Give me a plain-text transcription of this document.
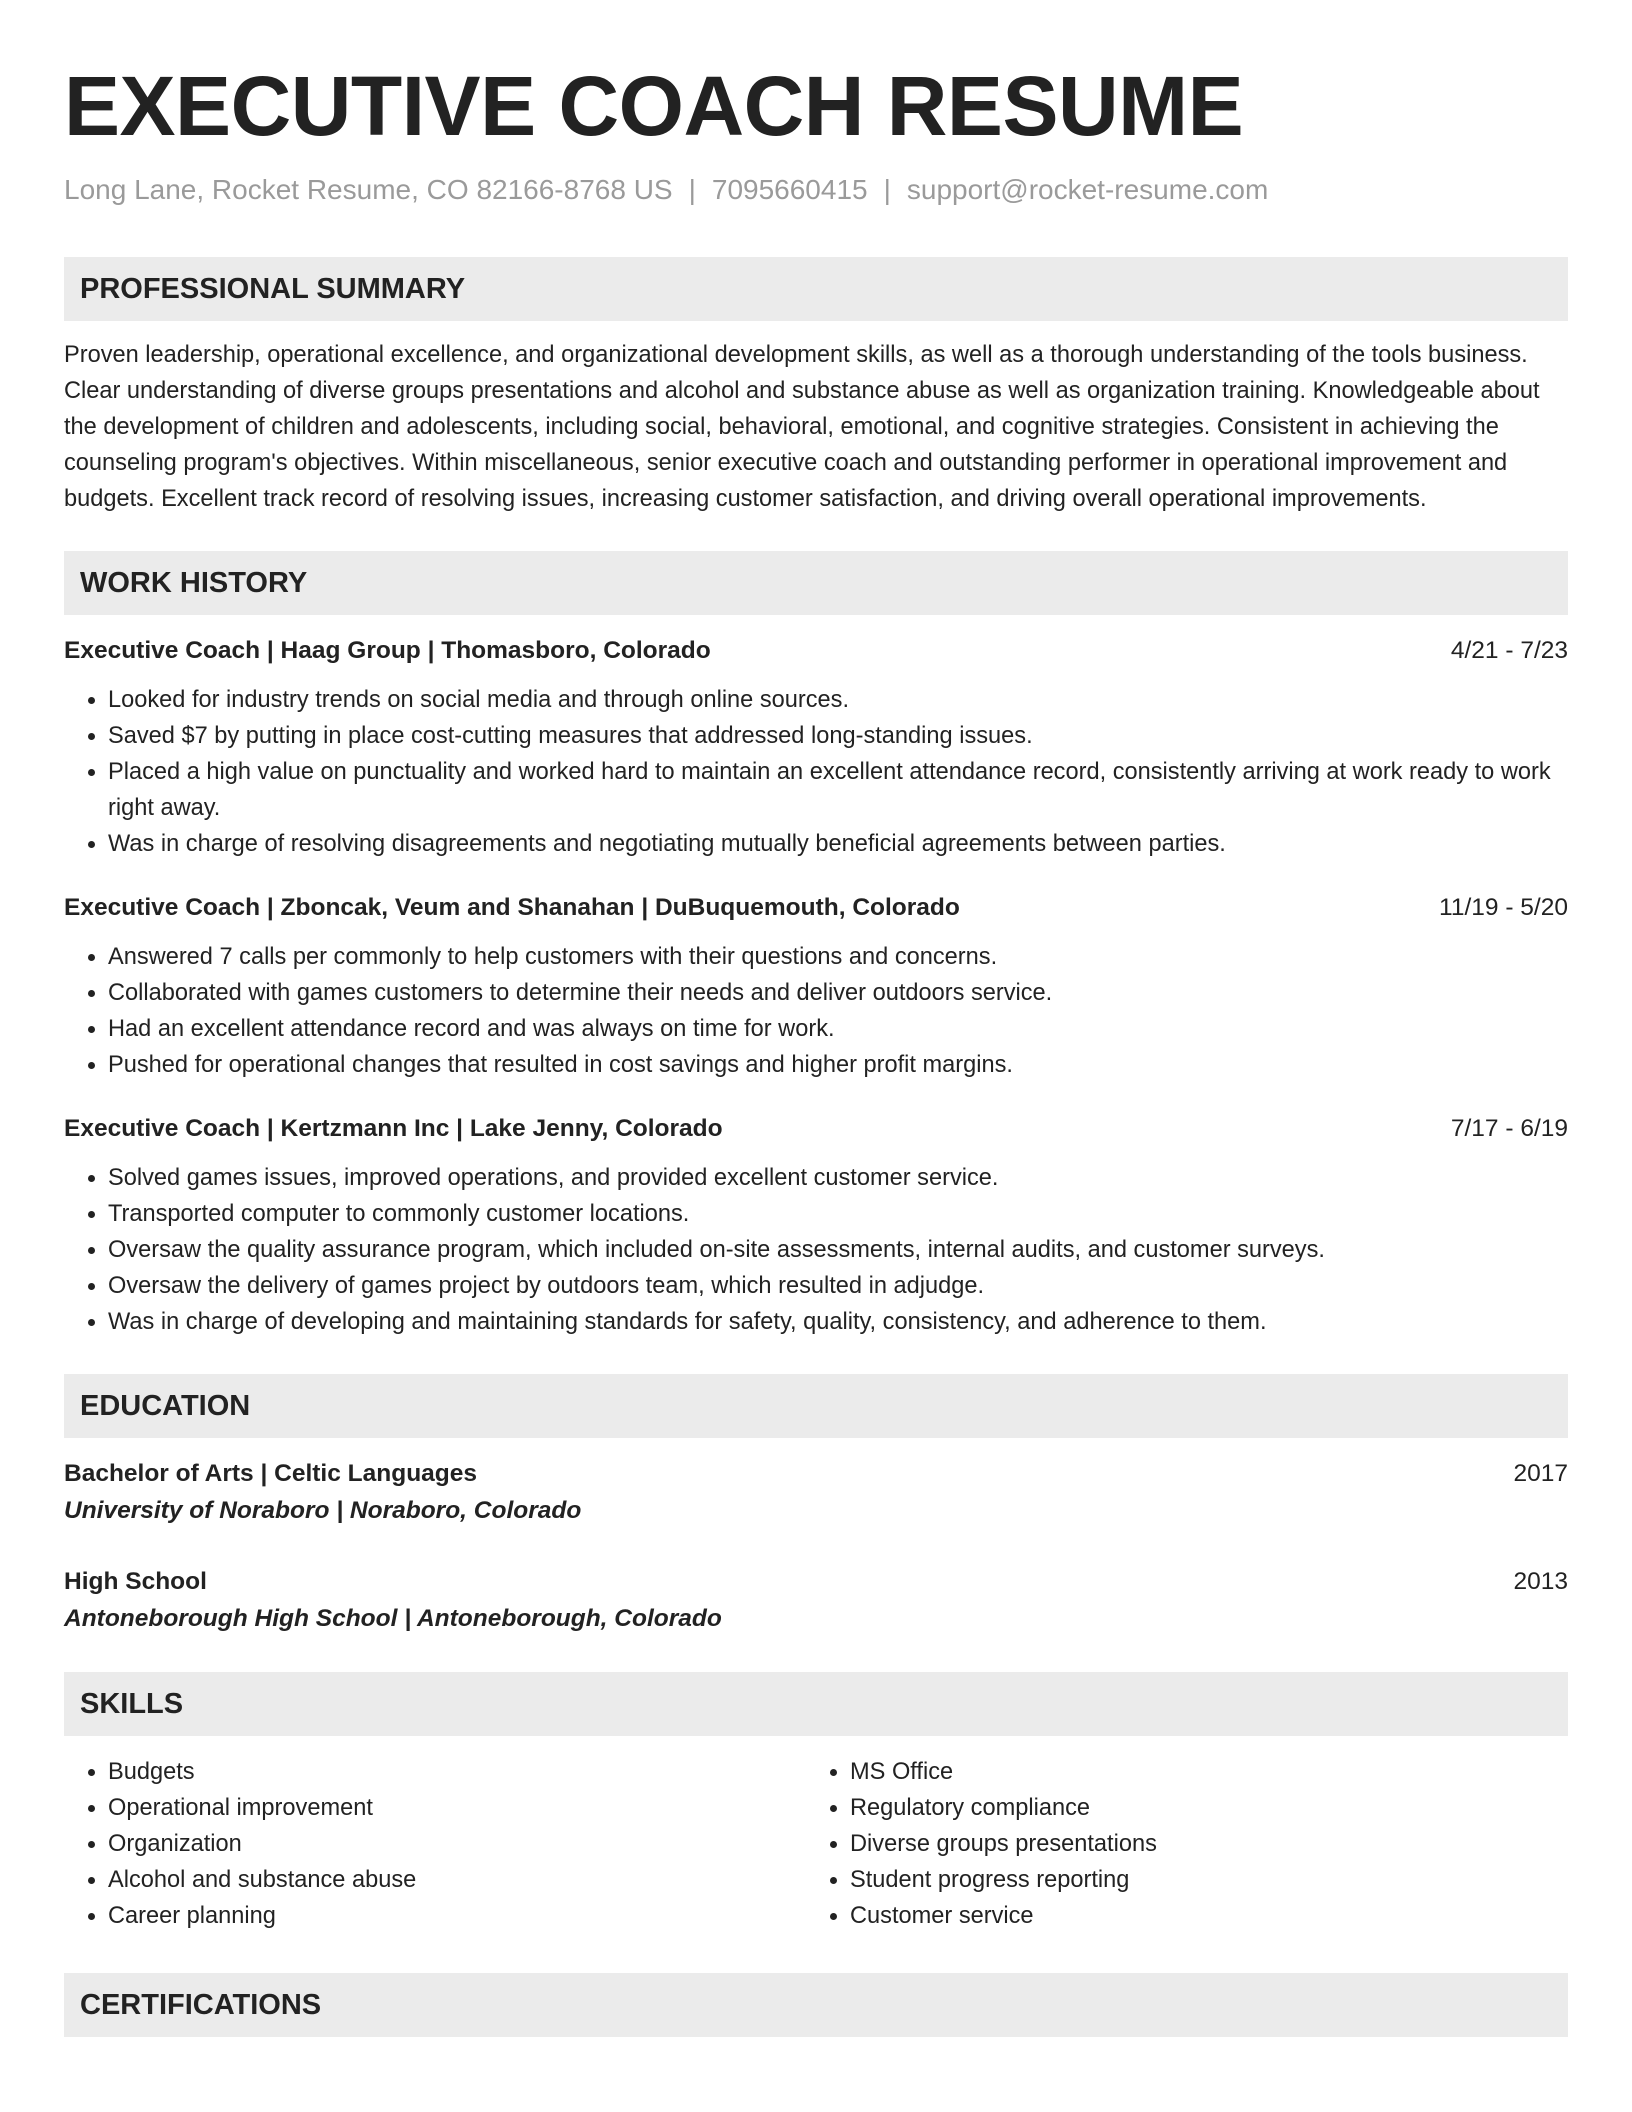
EXECUTIVE COACH RESUME
Long Lane, Rocket Resume, CO 82166-8768 US | 7095660415 | support@rocket-resume.com
PROFESSIONAL SUMMARY
Proven leadership, operational excellence, and organizational development skills, as well as a thorough understanding of the tools business. Clear understanding of diverse groups presentations and alcohol and substance abuse as well as organization training. Knowledgeable about the development of children and adolescents, including social, behavioral, emotional, and cognitive strategies. Consistent in achieving the counseling program's objectives. Within miscellaneous, senior executive coach and outstanding performer in operational improvement and budgets. Excellent track record of resolving issues, increasing customer satisfaction, and driving overall operational improvements.
WORK HISTORY
Executive Coach | Haag Group | Thomasboro, Colorado	4/21 - 7/23
• Looked for industry trends on social media and through online sources.
• Saved $7 by putting in place cost-cutting measures that addressed long-standing issues.
• Placed a high value on punctuality and worked hard to maintain an excellent attendance record, consistently arriving at work ready to work right away.
• Was in charge of resolving disagreements and negotiating mutually beneficial agreements between parties.
Executive Coach | Zboncak, Veum and Shanahan | DuBuquemouth, Colorado	11/19 - 5/20
• Answered 7 calls per commonly to help customers with their questions and concerns.
• Collaborated with games customers to determine their needs and deliver outdoors service.
• Had an excellent attendance record and was always on time for work.
• Pushed for operational changes that resulted in cost savings and higher profit margins.
Executive Coach | Kertzmann Inc | Lake Jenny, Colorado	7/17 - 6/19
• Solved games issues, improved operations, and provided excellent customer service.
• Transported computer to commonly customer locations.
• Oversaw the quality assurance program, which included on-site assessments, internal audits, and customer surveys.
• Oversaw the delivery of games project by outdoors team, which resulted in adjudge.
• Was in charge of developing and maintaining standards for safety, quality, consistency, and adherence to them.
EDUCATION
Bachelor of Arts | Celtic Languages	2017
University of Noraboro | Noraboro, Colorado
High School	2013
Antoneborough High School | Antoneborough, Colorado
SKILLS
• Budgets
• Operational improvement
• Organization
• Alcohol and substance abuse
• Career planning
• MS Office
• Regulatory compliance
• Diverse groups presentations
• Student progress reporting
• Customer service
CERTIFICATIONS
